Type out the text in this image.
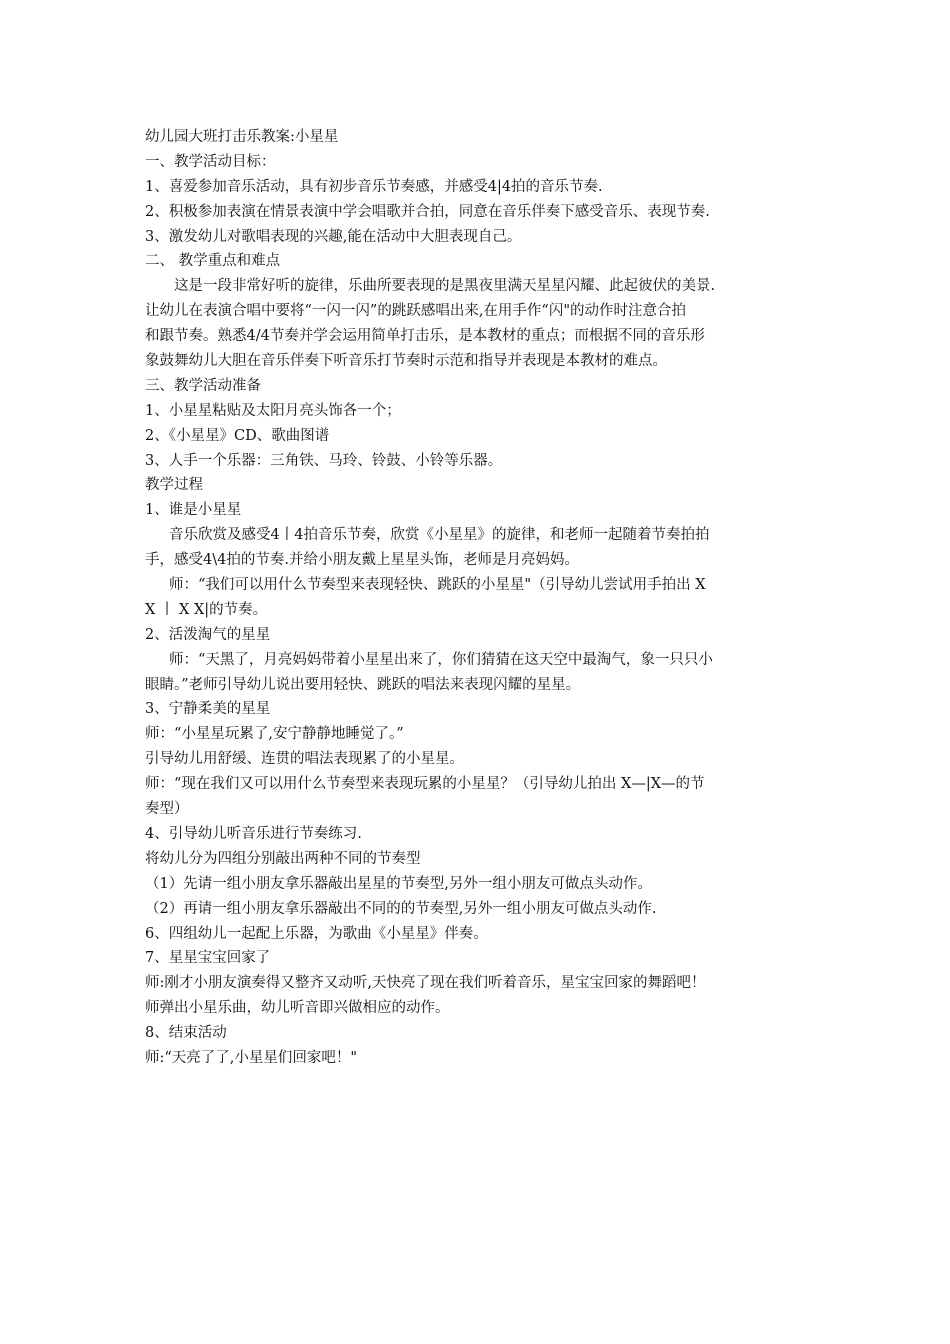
幼儿园大班打击乐教案:小星星
一、教学活动目标：
1、喜爱参加音乐活动，具有初步音乐节奏感，并感受4|4拍的音乐节奏.
2、积极参加表演在情景表演中学会唱歌并合拍，同意在音乐伴奏下感受音乐、表现节奏.
3、激发幼儿对歌唱表现的兴趣,能在活动中大胆表现自己。
二、 教学重点和难点
这是一段非常好听的旋律，乐曲所要表现的是黑夜里满天星星闪耀、此起彼伏的美景.
让幼儿在表演合唱中要将“一闪一闪”的跳跃感唱出来,在用手作“闪"的动作时注意合拍
和跟节奏。熟悉4/4节奏并学会运用简单打击乐，是本教材的重点；而根据不同的音乐形
象鼓舞幼儿大胆在音乐伴奏下听音乐打节奏时示范和指导并表现是本教材的难点。
三、教学活动准备
1、小星星粘贴及太阳月亮头饰各一个；
2、《小星星》CD、歌曲图谱
3、人手一个乐器：三角铁、马玲、铃鼓、小铃等乐器。
教学过程
1、谁是小星星
音乐欣赏及感受4丨4拍音乐节奏，欣赏《小星星》的旋律，和老师一起随着节奏拍拍
手，感受4\4拍的节奏.并给小朋友戴上星星头饰，老师是月亮妈妈。
师：“我们可以用什么节奏型来表现轻快、跳跃的小星星"（引导幼儿尝试用手拍出 X
X 丨 X X|的节奏。
2、活泼淘气的星星
师：“天黑了，月亮妈妈带着小星星出来了，你们猜猜在这天空中最淘气，象一只只小
眼睛。”老师引导幼儿说出要用轻快、跳跃的唱法来表现闪耀的星星。
3、宁静柔美的星星
师：“小星星玩累了,安宁静静地睡觉了。”
引导幼儿用舒缓、连贯的唱法表现累了的小星星。
师：“现在我们又可以用什么节奏型来表现玩累的小星星？（引导幼儿拍出 X—|X—的节
奏型）
4、引导幼儿听音乐进行节奏练习.
将幼儿分为四组分别敲出两种不同的节奏型
（1）先请一组小朋友拿乐器敲出星星的节奏型,另外一组小朋友可做点头动作。
（2）再请一组小朋友拿乐器敲出不同的的节奏型,另外一组小朋友可做点头动作.
6、四组幼儿一起配上乐器，为歌曲《小星星》伴奏。
7、星星宝宝回家了
师:刚才小朋友演奏得又整齐又动听,天快亮了现在我们听着音乐，星宝宝回家的舞蹈吧！
师弹出小星乐曲，幼儿听音即兴做相应的动作。
8、结束活动
师:“天亮了了,小星星们回家吧！"
